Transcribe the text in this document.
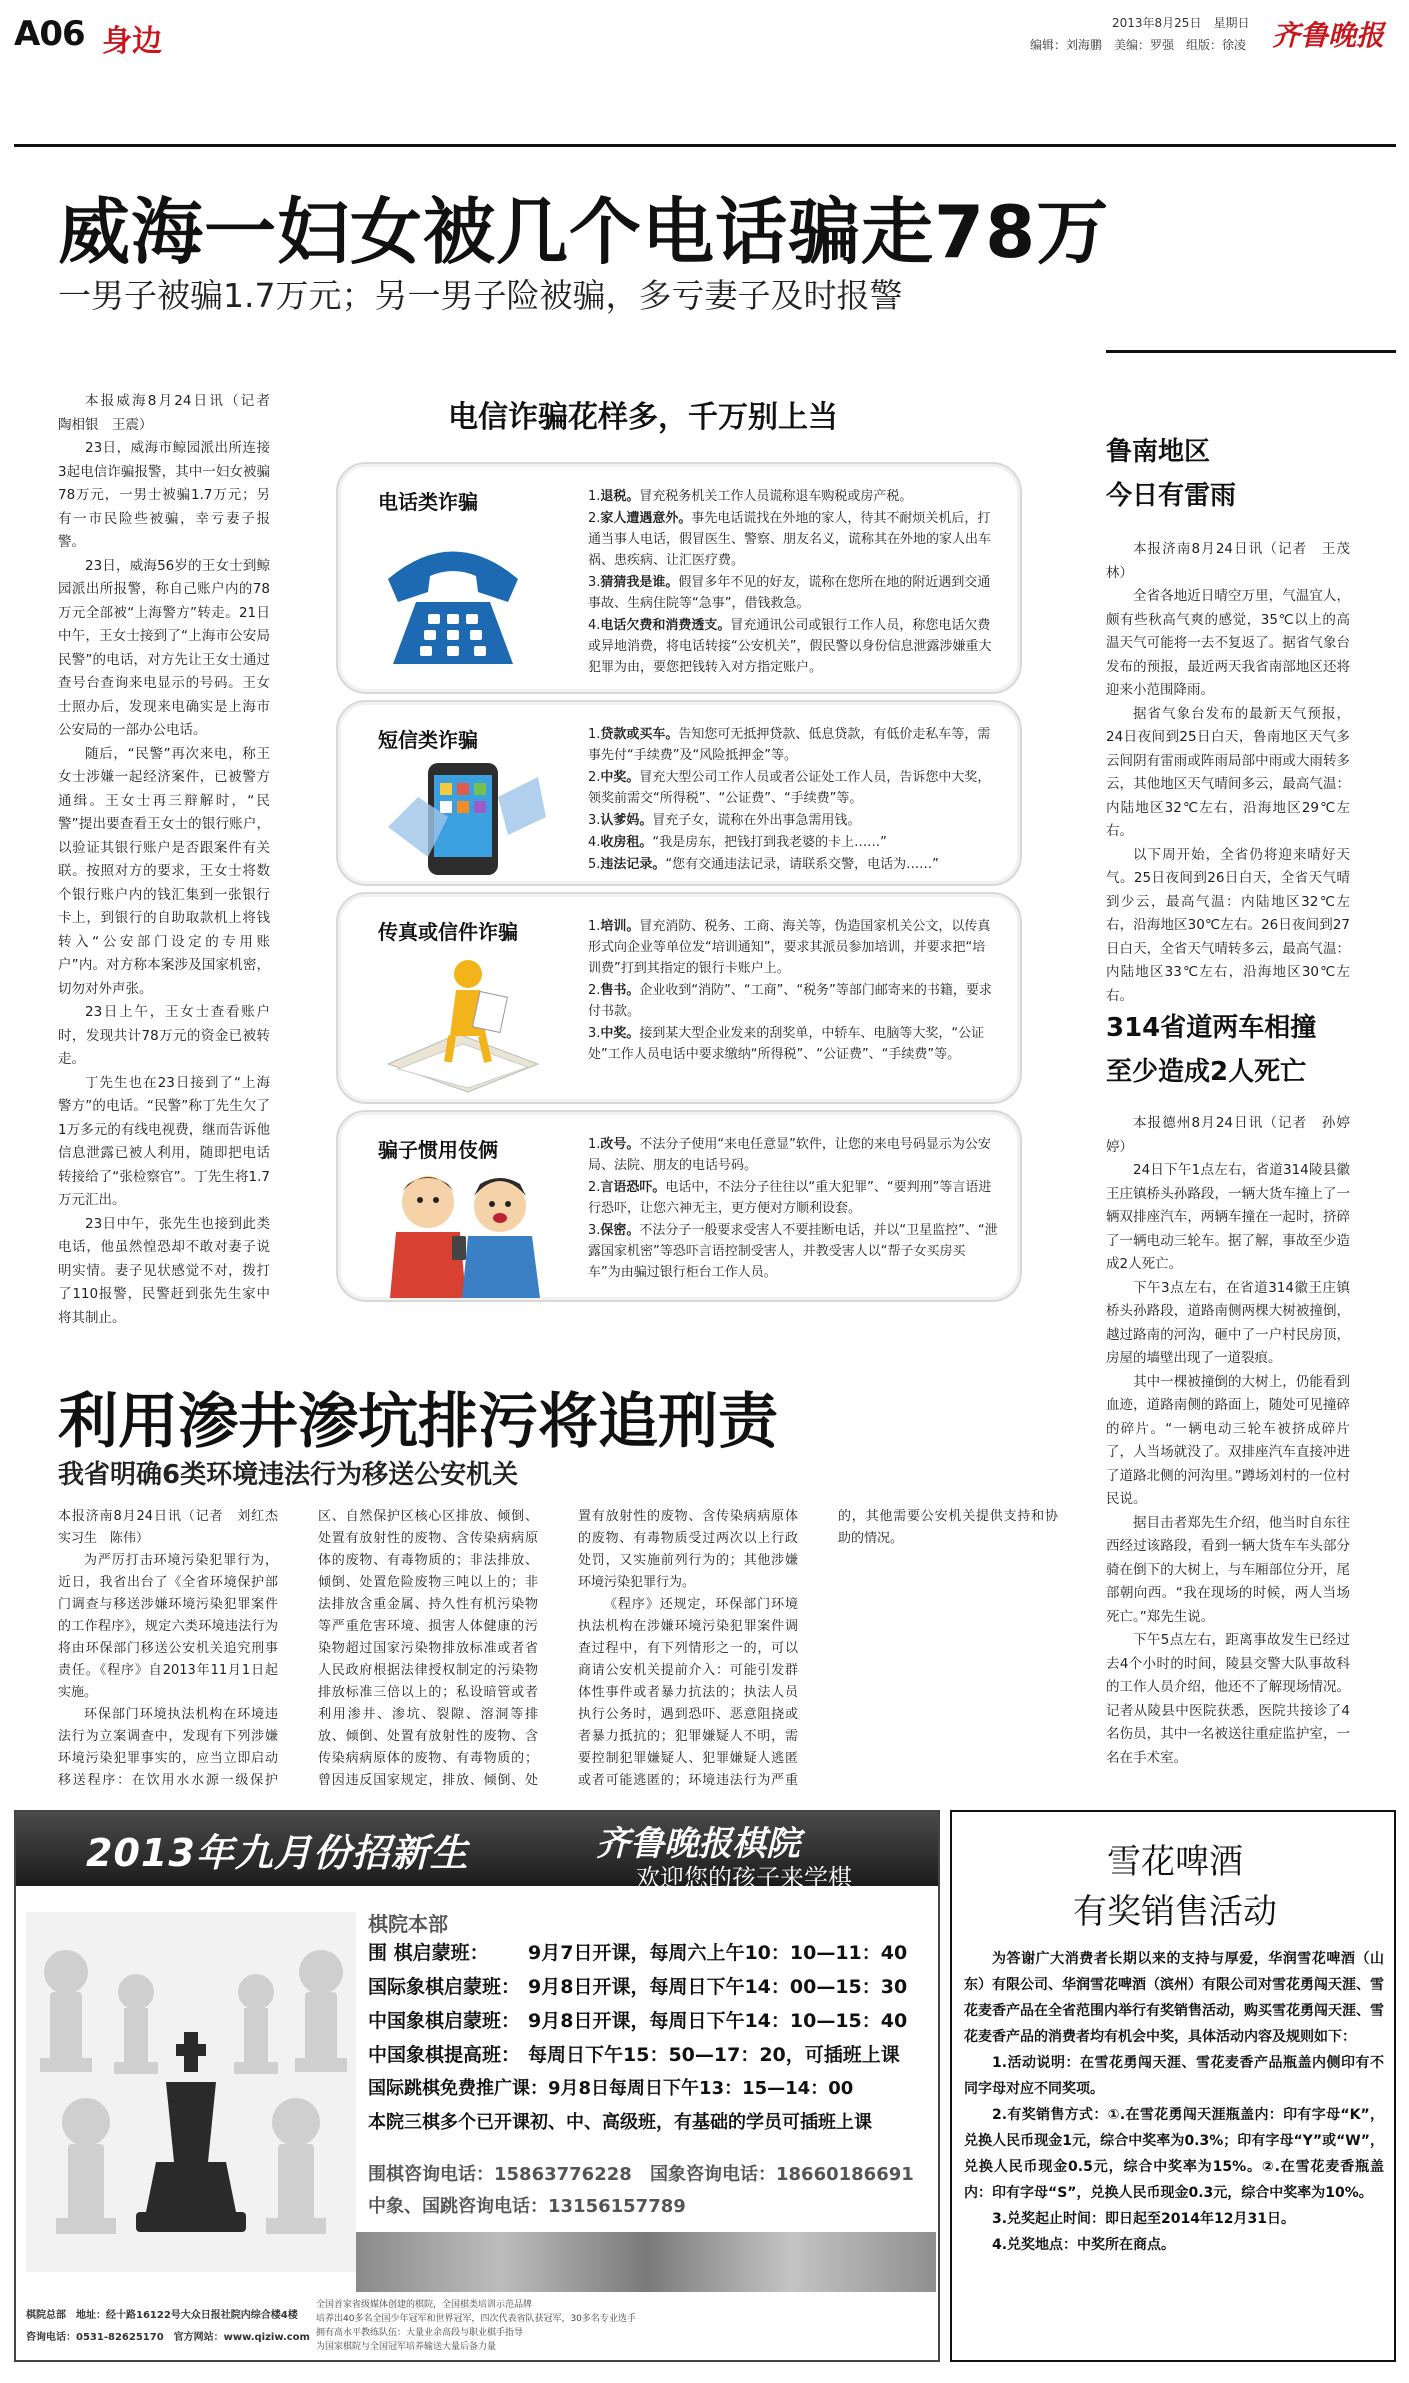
A06 身边
2013年8月25日　星期日
编辑：刘海鹏　美编：罗强　组版：徐凌 齐鲁晚报
威海一妇女被几个电话骗走78万
一男子被骗1.7万元；另一男子险被骗，多亏妻子及时报警

本报威海8月24日讯（记者　陶相银　王震）

23日，威海市鲸园派出所连接3起电信诈骗报警，其中一妇女被骗78万元，一男士被骗1.7万元；另有一市民险些被骗，幸亏妻子报警。

23日，威海56岁的王女士到鲸园派出所报警，称自己账户内的78万元全部被“上海警方”转走。21日中午，王女士接到了“上海市公安局民警”的电话，对方先让王女士通过查号台查询来电显示的号码。王女士照办后，发现来电确实是上海市公安局的一部办公电话。

随后，“民警”再次来电，称王女士涉嫌一起经济案件，已被警方通缉。王女士再三辩解时，“民警”提出要查看王女士的银行账户，以验证其银行账户是否跟案件有关联。按照对方的要求，王女士将数个银行账户内的钱汇集到一张银行卡上，到银行的自助取款机上将钱转入“公安部门设定的专用账户”内。对方称本案涉及国家机密，切勿对外声张。

23日上午，王女士查看账户时，发现共计78万元的资金已被转走。

丁先生也在23日接到了“上海警方”的电话。“民警”称丁先生欠了1万多元的有线电视费，继而告诉他信息泄露已被人利用，随即把电话转接给了“张检察官”。丁先生将1.7万元汇出。

23日中午，张先生也接到此类电话，他虽然惶恐却不敢对妻子说明实情。妻子见状感觉不对，拨打了110报警，民警赶到张先生家中将其制止。

电信诈骗花样多，千万别上当
电话类诈骗	1.退税。冒充税务机关工作人员谎称退车购税或房产税。
2.家人遭遇意外。事先电话谎找在外地的家人，待其不耐烦关机后，打通当事人电话，假冒医生、警察、朋友名义，谎称其在外地的家人出车祸、患疾病、让汇医疗费。
3.猜猜我是谁。假冒多年不见的好友，谎称在您所在地的附近遇到交通事故、生病住院等“急事”，借钱救急。
4.电话欠费和消费透支。冒充通讯公司或银行工作人员，称您电话欠费或异地消费，将电话转接“公安机关”，假民警以身份信息泄露涉嫌重大犯罪为由，要您把钱转入对方指定账户。
短信类诈骗	1.贷款或买车。告知您可无抵押贷款、低息贷款，有低价走私车等，需事先付“手续费”及“风险抵押金”等。
2.中奖。冒充大型公司工作人员或者公证处工作人员，告诉您中大奖，领奖前需交“所得税”、“公证费”、“手续费”等。
3.认爹妈。冒充子女，谎称在外出事急需用钱。
4.收房租。“我是房东，把钱打到我老婆的卡上……”
5.违法记录。“您有交通违法记录，请联系交警，电话为……”
传真或信件诈骗	1.培训。冒充消防、税务、工商、海关等，伪造国家机关公文，以传真形式向企业等单位发“培训通知”，要求其派员参加培训，并要求把“培训费”打到其指定的银行卡账户上。
2.售书。企业收到“消防”、“工商”、“税务”等部门邮寄来的书籍，要求付书款。
3.中奖。接到某大型企业发来的刮奖单，中轿车、电脑等大奖，“公证处”工作人员电话中要求缴纳“所得税”、“公证费”、“手续费”等。
骗子惯用伎俩	1.改号。不法分子使用“来电任意显”软件，让您的来电号码显示为公安局、法院、朋友的电话号码。
2.言语恐吓。电话中，不法分子往往以“重大犯罪”、“要判刑”等言语进行恐吓，让您六神无主，更方便对方顺利设套。
3.保密。不法分子一般要求受害人不要挂断电话，并以“卫星监控”、“泄露国家机密”等恐吓言语控制受害人，并教受害人以“帮子女买房买车”为由骗过银行柜台工作人员。
鲁南地区
今日有雷雨

本报济南8月24日讯（记者　王茂林）

全省各地近日晴空万里，气温宜人，颇有些秋高气爽的感觉，35℃以上的高温天气可能将一去不复返了。据省气象台发布的预报，最近两天我省南部地区还将迎来小范围降雨。

据省气象台发布的最新天气预报，24日夜间到25日白天，鲁南地区天气多云间阴有雷雨或阵雨局部中雨或大雨转多云，其他地区天气晴间多云，最高气温：内陆地区32℃左右，沿海地区29℃左右。

以下周开始，全省仍将迎来晴好天气。25日夜间到26日白天，全省天气晴到少云，最高气温：内陆地区32℃左右，沿海地区30℃左右。26日夜间到27日白天，全省天气晴转多云，最高气温：内陆地区33℃左右，沿海地区30℃左右。

314省道两车相撞
至少造成2人死亡

本报德州8月24日讯（记者　孙婷婷）

24日下午1点左右，省道314陵县徽王庄镇桥头孙路段，一辆大货车撞上了一辆双排座汽车，两辆车撞在一起时，挤碎了一辆电动三轮车。据了解，事故至少造成2人死亡。

下午3点左右，在省道314徽王庄镇桥头孙路段，道路南侧两棵大树被撞倒，越过路南的河沟，砸中了一户村民房顶，房屋的墙壁出现了一道裂痕。

其中一棵被撞倒的大树上，仍能看到血迹，道路南侧的路面上，随处可见撞碎的碎片。“一辆电动三轮车被挤成碎片了，人当场就没了。双排座汽车直接冲进了道路北侧的河沟里。”蹲场刘村的一位村民说。

据目击者郑先生介绍，他当时自东往西经过该路段，看到一辆大货车车头部分骑在倒下的大树上，与车厢部位分开，尾部朝向西。“我在现场的时候，两人当场死亡。”郑先生说。

下午5点左右，距离事故发生已经过去4个小时的时间，陵县交警大队事故科的工作人员介绍，他还不了解现场情况。记者从陵县中医院获悉，医院共接诊了4名伤员，其中一名被送往重症监护室，一名在手术室。

利用渗井渗坑排污将追刑责
我省明确6类环境违法行为移送公安机关

本报济南8月24日讯（记者　刘红杰　实习生　陈伟）

为严厉打击环境污染犯罪行为，近日，我省出台了《全省环境保护部门调查与移送涉嫌环境污染犯罪案件的工作程序》，规定六类环境违法行为将由环保部门移送公安机关追究刑事责任。《程序》自2013年11月1日起实施。

环保部门环境执法机构在环境违法行为立案调查中，发现有下列涉嫌环境污染犯罪事实的，应当立即启动移送程序：在饮用水水源一级保护区、自然保护区核心区排放、倾倒、处置有放射性的废物、含传染病病原体的废物、有毒物质的；非法排放、倾倒、处置危险废物三吨以上的；非法排放含重金属、持久性有机污染物等严重危害环境、损害人体健康的污染物超过国家污染物排放标准或者省人民政府根据法律授权制定的污染物排放标准三倍以上的；私设暗管或者利用渗井、渗坑、裂隙、溶洞等排放、倾倒、处置有放射性的废物、含传染病病原体的废物、有毒物质的；曾因违反国家规定，排放、倾倒、处置有放射性的废物、含传染病病原体的废物、有毒物质受过两次以上行政处罚，又实施前列行为的；其他涉嫌环境污染犯罪行为。

《程序》还规定，环保部门环境执法机构在涉嫌环境污染犯罪案件调查过程中，有下列情形之一的，可以商请公安机关提前介入：可能引发群体性事件或者暴力抗法的；执法人员执行公务时，遇到恐吓、恶意阻挠或者暴力抵抗的；犯罪嫌疑人不明，需要控制犯罪嫌疑人、犯罪嫌疑人逃匿或者可能逃匿的；环境违法行为严重的，其他需要公安机关提供支持和协助的情况。

2013年九月份招新生	齐鲁晚报棋院
欢迎您的孩子来学棋
棋院本部
围 棋启蒙班： 9月7日开课，每周六上午10：10—11：40
国际象棋启蒙班： 9月8日开课，每周日下午14：00—15：30
中国象棋启蒙班： 9月8日开课，每周日下午14：10—15：40
中国象棋提高班： 每周日下午15：50—17：20，可插班上课
国际跳棋免费推广课：9月8日每周日下午13：15—14：00
本院三棋多个已开课初、中、高级班，有基础的学员可插班上课
围棋咨询电话：15863776228 国象咨询电话：18660186691
中象、国跳咨询电话：13156157789
棋院总部　地址：经十路16122号大众日报社院内综合楼4楼
咨询电话：0531-82625170　官方网站：www.qiziw.com
全国首家省级媒体创建的棋院，全国棋类培训示范品牌
培养出40多名全国少年冠军和世界冠军，四次代表省队获冠军，30多名专业选手
拥有高水平教练队伍：大量业余高段与职业棋手指导
为国家棋院与全国冠军培养输送大量后备力量
雪花啤酒
有奖销售活动

为答谢广大消费者长期以来的支持与厚爱，华润雪花啤酒（山东）有限公司、华润雪花啤酒（滨州）有限公司对雪花勇闯天涯、雪花麦香产品在全省范围内举行有奖销售活动，购买雪花勇闯天涯、雪花麦香产品的消费者均有机会中奖，具体活动内容及规则如下：

1.活动说明：在雪花勇闯天涯、雪花麦香产品瓶盖内侧印有不同字母对应不同奖项。

2.有奖销售方式：①.在雪花勇闯天涯瓶盖内：印有字母“K”，兑换人民币现金1元，综合中奖率为0.3%；印有字母“Y”或“W”，兑换人民币现金0.5元，综合中奖率为15%。②.在雪花麦香瓶盖内：印有字母“S”，兑换人民币现金0.3元，综合中奖率为10%。

3.兑奖起止时间：即日起至2014年12月31日。

4.兑奖地点：中奖所在商点。
